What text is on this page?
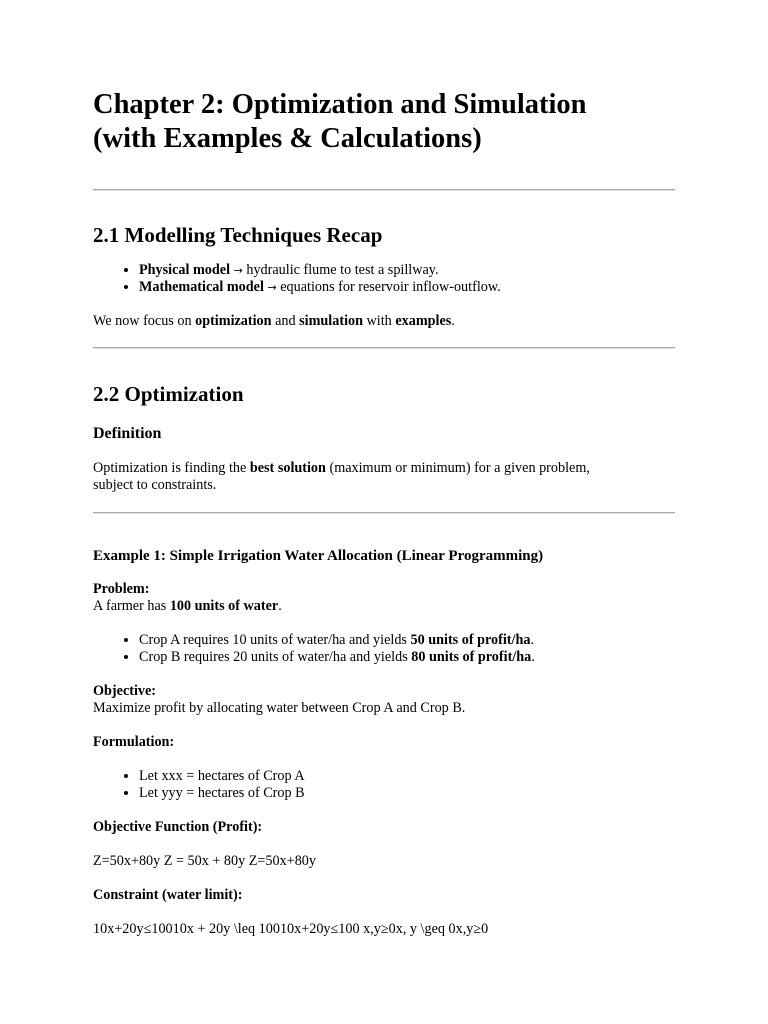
Chapter 2: Optimization and Simulation
(with Examples & Calculations)
2.1 Modelling Techniques Recap
• Physical model → hydraulic flume to test a spillway.
• Mathematical model → equations for reservoir inflow-outflow.

We now focus on optimization and simulation with examples.

2.2 Optimization
Definition

Optimization is finding the best solution (maximum or minimum) for a given problem,
subject to constraints.

Example 1: Simple Irrigation Water Allocation (Linear Programming)

Problem:
A farmer has 100 units of water.

• Crop A requires 10 units of water/ha and yields 50 units of profit/ha.
• Crop B requires 20 units of water/ha and yields 80 units of profit/ha.

Objective:
Maximize profit by allocating water between Crop A and Crop B.

Formulation:

• Let xxx = hectares of Crop A
• Let yyy = hectares of Crop B

Objective Function (Profit):

Z=50x+80y Z = 50x + 80y Z=50x+80y

Constraint (water limit):

10x+20y≤10010x + 20y \leq 10010x+20y≤100 x,y≥0x, y \geq 0x,y≥0
